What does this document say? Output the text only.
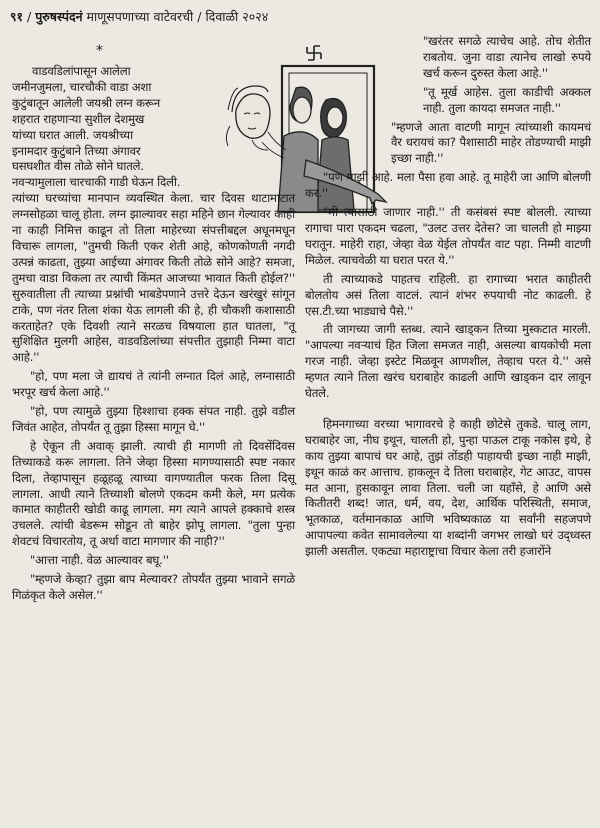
९१ / पुरुषस्पंदनं माणूसपणाच्या वाटेवरची / दिवाळी २०२४
*
वाडवडिलांपासून आलेला
जमीनजुमला, चारचौकी वाडा अशा
कुटुंबातून आलेली जयश्री लग्न करून
शहरात राहणाऱ्या सुशील देशमुख
यांच्या घरात आली. जयश्रीच्या
इनामदार कुटुंबाने तिच्या अंगावर
घसघशीत वीस तोळे सोने घातले.
नवऱ्यामुलाला चारचाकी गाडी घेऊन दिली.

त्यांच्या घरच्यांचा मानपान व्यवस्थित केला. चार दिवस थाटामाटात लग्नसोहळा चालू होता. लग्न झाल्यावर सहा महिने छान गेल्यावर काही ना काही निमित्त काढून तो तिला माहेरच्या संपत्तीबद्दल अधूनमधून विचारू लागला, "तुमची किती एकर शेती आहे, कोणकोणती नगदी उत्पन्नं काढता, तुझ्या आईच्या अंगावर किती तोळे सोने आहे? समजा, तुमचा वाडा विकला तर त्याची किंमत आजच्या भावात किती होईल?'' सुरुवातीला ती त्याच्या प्रश्नांची भाबडेपणाने उत्तरे देऊन खरंखुरं सांगून टाके, पण नंतर तिला शंका येऊ लागली की हे, ही चौकशी कशासाठी करताहेत? एके दिवशी त्याने सरळच विषयाला हात घातला, "तू सुशिक्षित मुलगी आहेस, वाडवडिलांच्या संपत्तीत तुझाही निम्मा वाटा आहे.''

"हो, पण मला जे द्यायचं ते त्यांनी लग्नात दिलं आहे, लग्नासाठी भरपूर खर्च केला आहे.''

"हो, पण त्यामुळे तुझ्या हिश्शाचा हक्क संपत नाही. तुझे वडील जिवंत आहेत, तोपर्यंत तू तुझा हिस्सा मागून घे.''

हे ऐकून ती अवाक् झाली. त्याची ही मागणी तो दिवसेंदिवस तिच्याकडे करू लागला. तिने जेव्हा हिस्सा मागण्यासाठी स्पष्ट नकार दिला, तेव्हापासून हळूहळू त्याच्या वागण्यातील फरक तिला दिसू लागला. आधी त्याने तिच्याशी बोलणे एकदम कमी केले, मग प्रत्येक कामात काहीतरी खोडी काढू लागला. मग त्याने आपले हक्काचे शस्त्र उचलले. त्यांची बेडरूम सोडून तो बाहेर झोपू लागला. "तुला पुन्हा शेवटचं विचारतोय, तू अर्धा वाटा मागणार की नाही?''

"आत्ता नाही. वेळ आल्यावर बघू.''

"म्हणजे केव्हा? तुझा बाप मेल्यावर? तोपर्यंत तुझ्या भावाने सगळे गिळंकृत केले असेल.''

"खरंतर सगळे त्याचेच आहे. तोच शेतीत राबतोय. जुना वाडा त्यानेच लाखो रुपये खर्च करून दुरुस्त केला आहे.''

"तू मूर्ख आहेस. तुला काडीची अक्कल नाही. तुला कायदा समजत नाही.''

"म्हणजे आता वाटणी मागून त्यांच्याशी कायमचं वैर धरायचं का? पैशासाठी माहेर तोडण्याची माझी इच्छा नाही.''

"पण माझी आहे. मला पैसा हवा आहे. तू माहेरी जा आणि बोलणी कर.''

"मी त्यासाठी जाणार नाही.'' ती कसंबसं स्पष्ट बोलली. त्याच्या रागाचा पारा एकदम चढला, "उलट उत्तर देतेस? जा चालती हो माझ्या घरातून. माहेरी राहा, जेव्हा वेळ येईल तोपर्यंत वाट पहा. निम्मी वाटणी मिळेल. त्याचवेळी या घरात परत ये.''

ती त्याच्याकडे पाहतच राहिली. हा रागाच्या भरात काहीतरी बोलतोय असं तिला वाटलं. त्यानं शंभर रुपयाची नोट काढली. हे एस.टी.च्या भाड्याचे पैसे.''

ती जागच्या जागी स्तब्ध. त्याने खाड्कन तिच्या मुस्कटात मारली. "आपल्या नवऱ्याचं हित जिला समजत नाही, असल्या बायकोची मला गरज नाही. जेव्हा इस्टेट मिळवून आणशील, तेव्हाच परत ये.'' असे म्हणत त्याने तिला खरंच घराबाहेर काढली आणि खाड्कन दार लावून घेतले.

हिमनगाच्या वरच्या भागावरचे हे काही छोटेसे तुकडे. चालू लाग, घराबाहेर जा, नीघ इथून, चालती हो, पुन्हा पाऊल टाकू नकोस इथे, हे काय तुझ्या बापाचं घर आहे, तुझं तोंडही पाहायची इच्छा नाही माझी, इथून काळं कर आत्ताच. हाकलून दे तिला घराबाहेर, गेट आउट, वापस मत आना, हुसकावून लावा तिला. चली जा यहाँसे, हे आणि असे कितीतरी शब्द! जात, धर्म, वय, देश, आर्थिक परिस्थिती, समाज, भूतकाळ, वर्तमानकाळ आणि भविष्यकाळ या सर्वांनी सहजपणे आपापल्या कवेत सामावलेल्या या शब्दांनी जगभर लाखो घरं उद्ध्वस्त झाली असतील. एकट्या महाराष्ट्राचा विचार केला तरी हजारोंने
